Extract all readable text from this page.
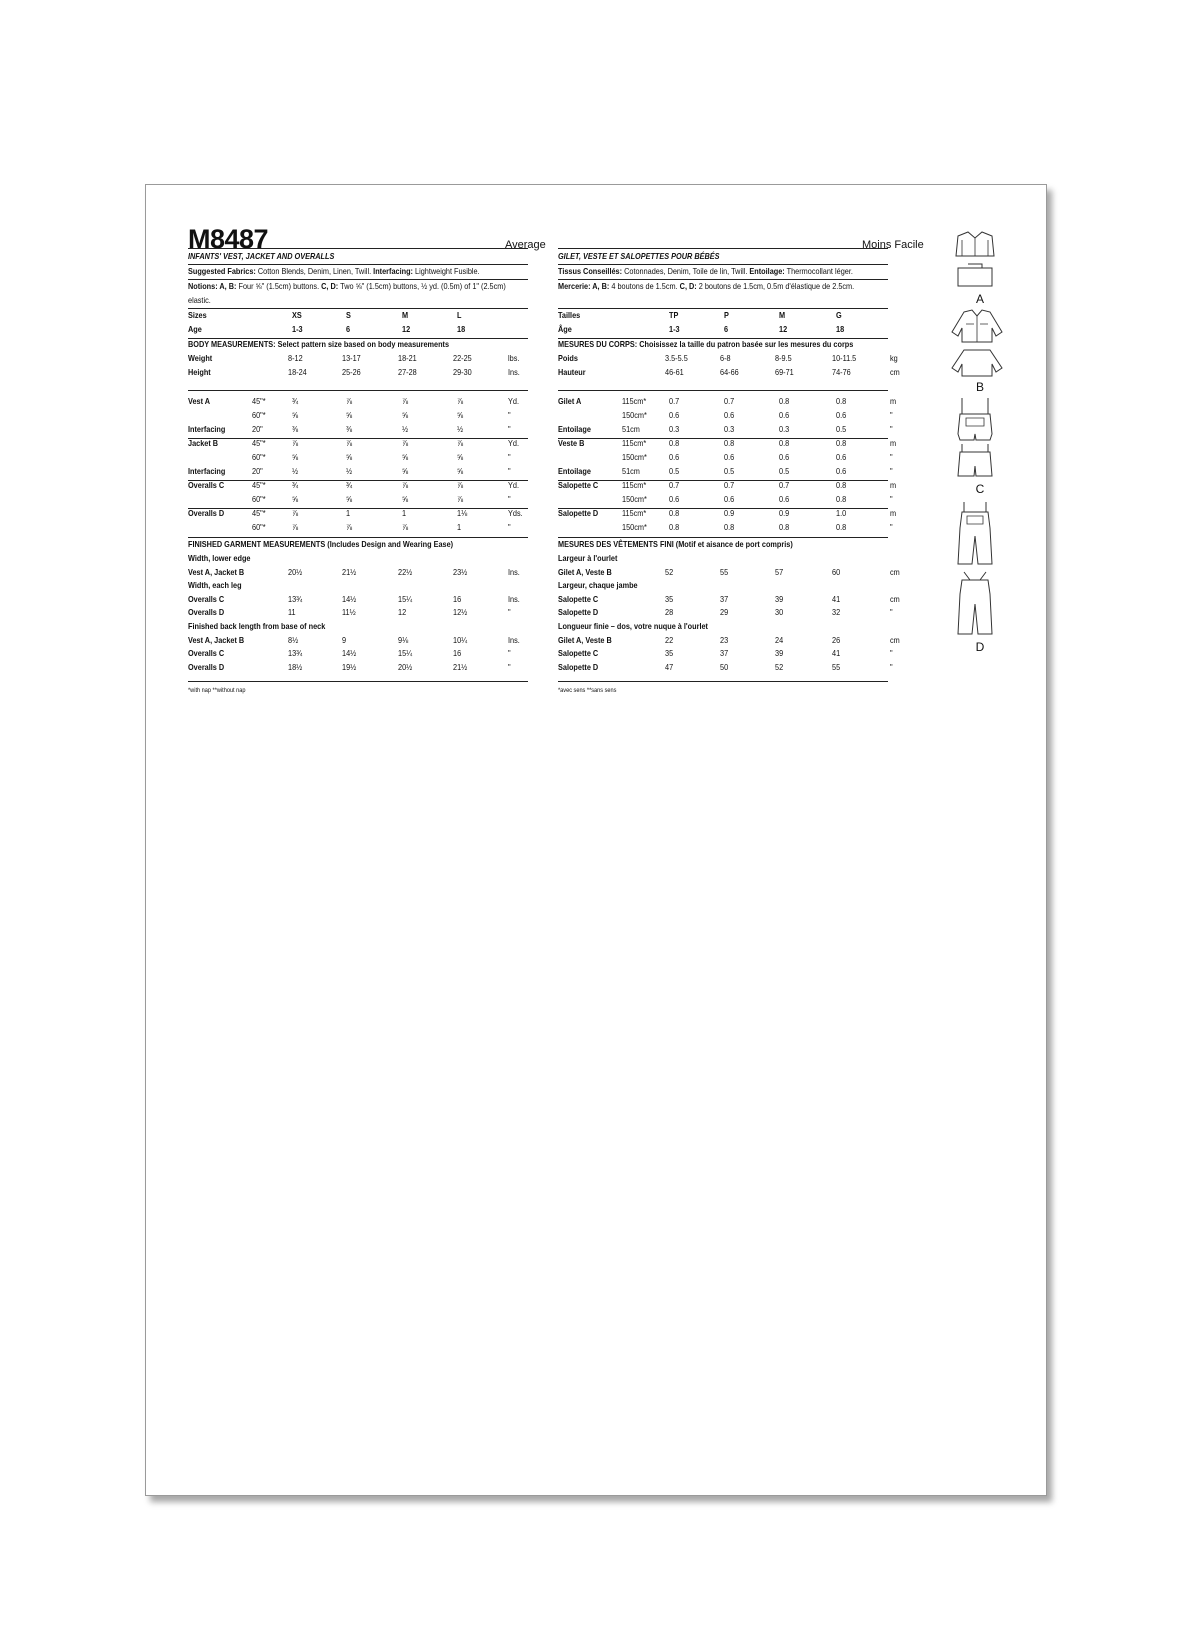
M8487	Average	Moins Facile
INFANTS' VEST, JACKET AND OVERALLS
Suggested Fabrics: Cotton Blends, Denim, Linen, Twill. Interfacing: Lightweight Fusible.
Notions: A, B: Four ⅝" (1.5cm) buttons. C, D: Two ⅝" (1.5cm) buttons, ½ yd. (0.5m) of 1" (2.5cm)
elastic.
Sizes	XS	S	M	L
Age	1-3	6	12	18
BODY MEASUREMENTS: Select pattern size based on body measurements
Weight	8-12	13-17	18-21	22-25	lbs.
Height	18-24	25-26	27-28	29-30	Ins.
Vest A	45"*	¾	⅞	⅞	⅞	Yd.
60"*	⅝	⅝	⅝	⅝	"
Interfacing	20"	⅜	⅜	½	½	"
Jacket B	45"*	⅞	⅞	⅞	⅞	Yd.
60"*	⅝	⅝	⅝	⅝	"
Interfacing	20"	½	½	⅝	⅝	"
Overalls C	45"*	¾	¾	⅞	⅞	Yd.
60"*	⅝	⅝	⅝	⅞	"
Overalls D	45"*	⅞	1	1	1⅛	Yds.
60"*	⅞	⅞	⅞	1	"
FINISHED GARMENT MEASUREMENTS (Includes Design and Wearing Ease)
Width, lower edge
Vest A, Jacket B	20½	21½	22½	23½	Ins.
Width, each leg
Overalls C	13¾	14½	15¼	16	Ins.
Overalls D	11	11½	12	12½	"
Finished back length from base of neck
Vest A, Jacket B	8½	9	9⅛	10¼	Ins.
Overalls C	13¾	14½	15¼	16	"
Overalls D	18½	19½	20½	21½	"
*with nap **without nap
GILET, VESTE ET SALOPETTES POUR BÉBÉS
Tissus Conseillés: Cotonnades, Denim, Toile de lin, Twill. Entoilage: Thermocollant léger.
Mercerie: A, B: 4 boutons de 1.5cm. C, D: 2 boutons de 1.5cm, 0.5m d'élastique de 2.5cm.
Tailles	TP	P	M	G
Âge	1-3	6	12	18
MESURES DU CORPS: Choisissez la taille du patron basée sur les mesures du corps
Poids	3.5-5.5	6-8	8-9.5	10-11.5	kg
Hauteur	46-61	64-66	69-71	74-76	cm
Gilet A	115cm*	0.7	0.7	0.8	0.8	m
150cm*	0.6	0.6	0.6	0.6	"
Entoilage	51cm	0.3	0.3	0.3	0.5	"
Veste B	115cm*	0.8	0.8	0.8	0.8	m
150cm*	0.6	0.6	0.6	0.6	"
Entoilage	51cm	0.5	0.5	0.5	0.6	"
Salopette C	115cm*	0.7	0.7	0.7	0.8	m
150cm*	0.6	0.6	0.6	0.8	"
Salopette D	115cm*	0.8	0.9	0.9	1.0	m
150cm*	0.8	0.8	0.8	0.8	"
MESURES DES VÊTEMENTS FINI (Motif et aisance de port compris)
Largeur à l'ourlet
Gilet A, Veste B	52	55	57	60	cm
Largeur, chaque jambe
Salopette C	35	37	39	41	cm
Salopette D	28	29	30	32	"
Longueur finie – dos, votre nuque à l'ourlet
Gilet A, Veste B	22	23	24	26	cm
Salopette C	35	37	39	41	"
Salopette D	47	50	52	55	"
*avec sens **sans sens
A
B
C
D
